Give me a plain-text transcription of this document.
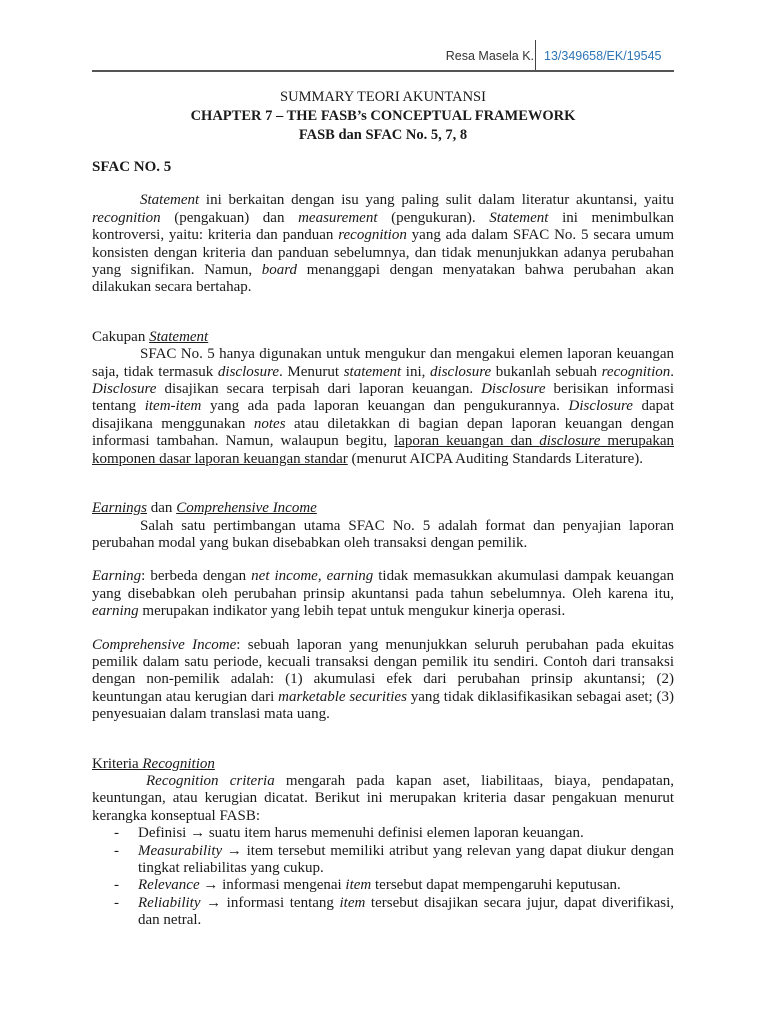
Resa Masela K. 13/349658/EK/19545
SUMMARY TEORI AKUNTANSI
CHAPTER 7 – THE FASB’s CONCEPTUAL FRAMEWORK
FASB dan SFAC No. 5, 7, 8
SFAC NO. 5

Statement ini berkaitan dengan isu yang paling sulit dalam literatur akuntansi, yaitu recognition (pengakuan) dan measurement (pengukuran). Statement ini menimbulkan kontroversi, yaitu: kriteria dan panduan recognition yang ada dalam SFAC No. 5 secara umum konsisten dengan kriteria dan panduan sebelumnya, dan tidak menunjukkan adanya perubahan yang signifikan. Namun, board menanggapi dengan menyatakan bahwa perubahan akan dilakukan secara bertahap.

Cakupan Statement

SFAC No. 5 hanya digunakan untuk mengukur dan mengakui elemen laporan keuangan saja, tidak termasuk disclosure. Menurut statement ini, disclosure bukanlah sebuah recognition. Disclosure disajikan secara terpisah dari laporan keuangan. Disclosure berisikan informasi tentang item-item yang ada pada laporan keuangan dan pengukurannya. Disclosure dapat disajikana menggunakan notes atau diletakkan di bagian depan laporan keuangan dengan informasi tambahan. Namun, walaupun begitu, laporan keuangan dan disclosure merupakan komponen dasar laporan keuangan standar (menurut AICPA Auditing Standards Literature).

Earnings dan Comprehensive Income

Salah satu pertimbangan utama SFAC No. 5 adalah format dan penyajian laporan perubahan modal yang bukan disebabkan oleh transaksi dengan pemilik.

Earning: berbeda dengan net income, earning tidak memasukkan akumulasi dampak keuangan yang disebabkan oleh perubahan prinsip akuntansi pada tahun sebelumnya. Oleh karena itu, earning merupakan indikator yang lebih tepat untuk mengukur kinerja operasi.

Comprehensive Income: sebuah laporan yang menunjukkan seluruh perubahan pada ekuitas pemilik dalam satu periode, kecuali transaksi dengan pemilik itu sendiri. Contoh dari transaksi dengan non-pemilik adalah: (1) akumulasi efek dari perubahan prinsip akuntansi; (2) keuntungan atau kerugian dari marketable securities yang tidak diklasifikasikan sebagai aset; (3) penyesuaian dalam translasi mata uang.

Kriteria Recognition

Recognition criteria mengarah pada kapan aset, liabilitaas, biaya, pendapatan, keuntungan, atau kerugian dicatat. Berikut ini merupakan kriteria dasar pengakuan menurut kerangka konseptual FASB:

- Definisi → suatu item harus memenuhi definisi elemen laporan keuangan.
- Measurability → item tersebut memiliki atribut yang relevan yang dapat diukur dengan tingkat reliabilitas yang cukup.
- Relevance → informasi mengenai item tersebut dapat mempengaruhi keputusan.
- Reliability → informasi tentang item tersebut disajikan secara jujur, dapat diverifikasi, dan netral.
